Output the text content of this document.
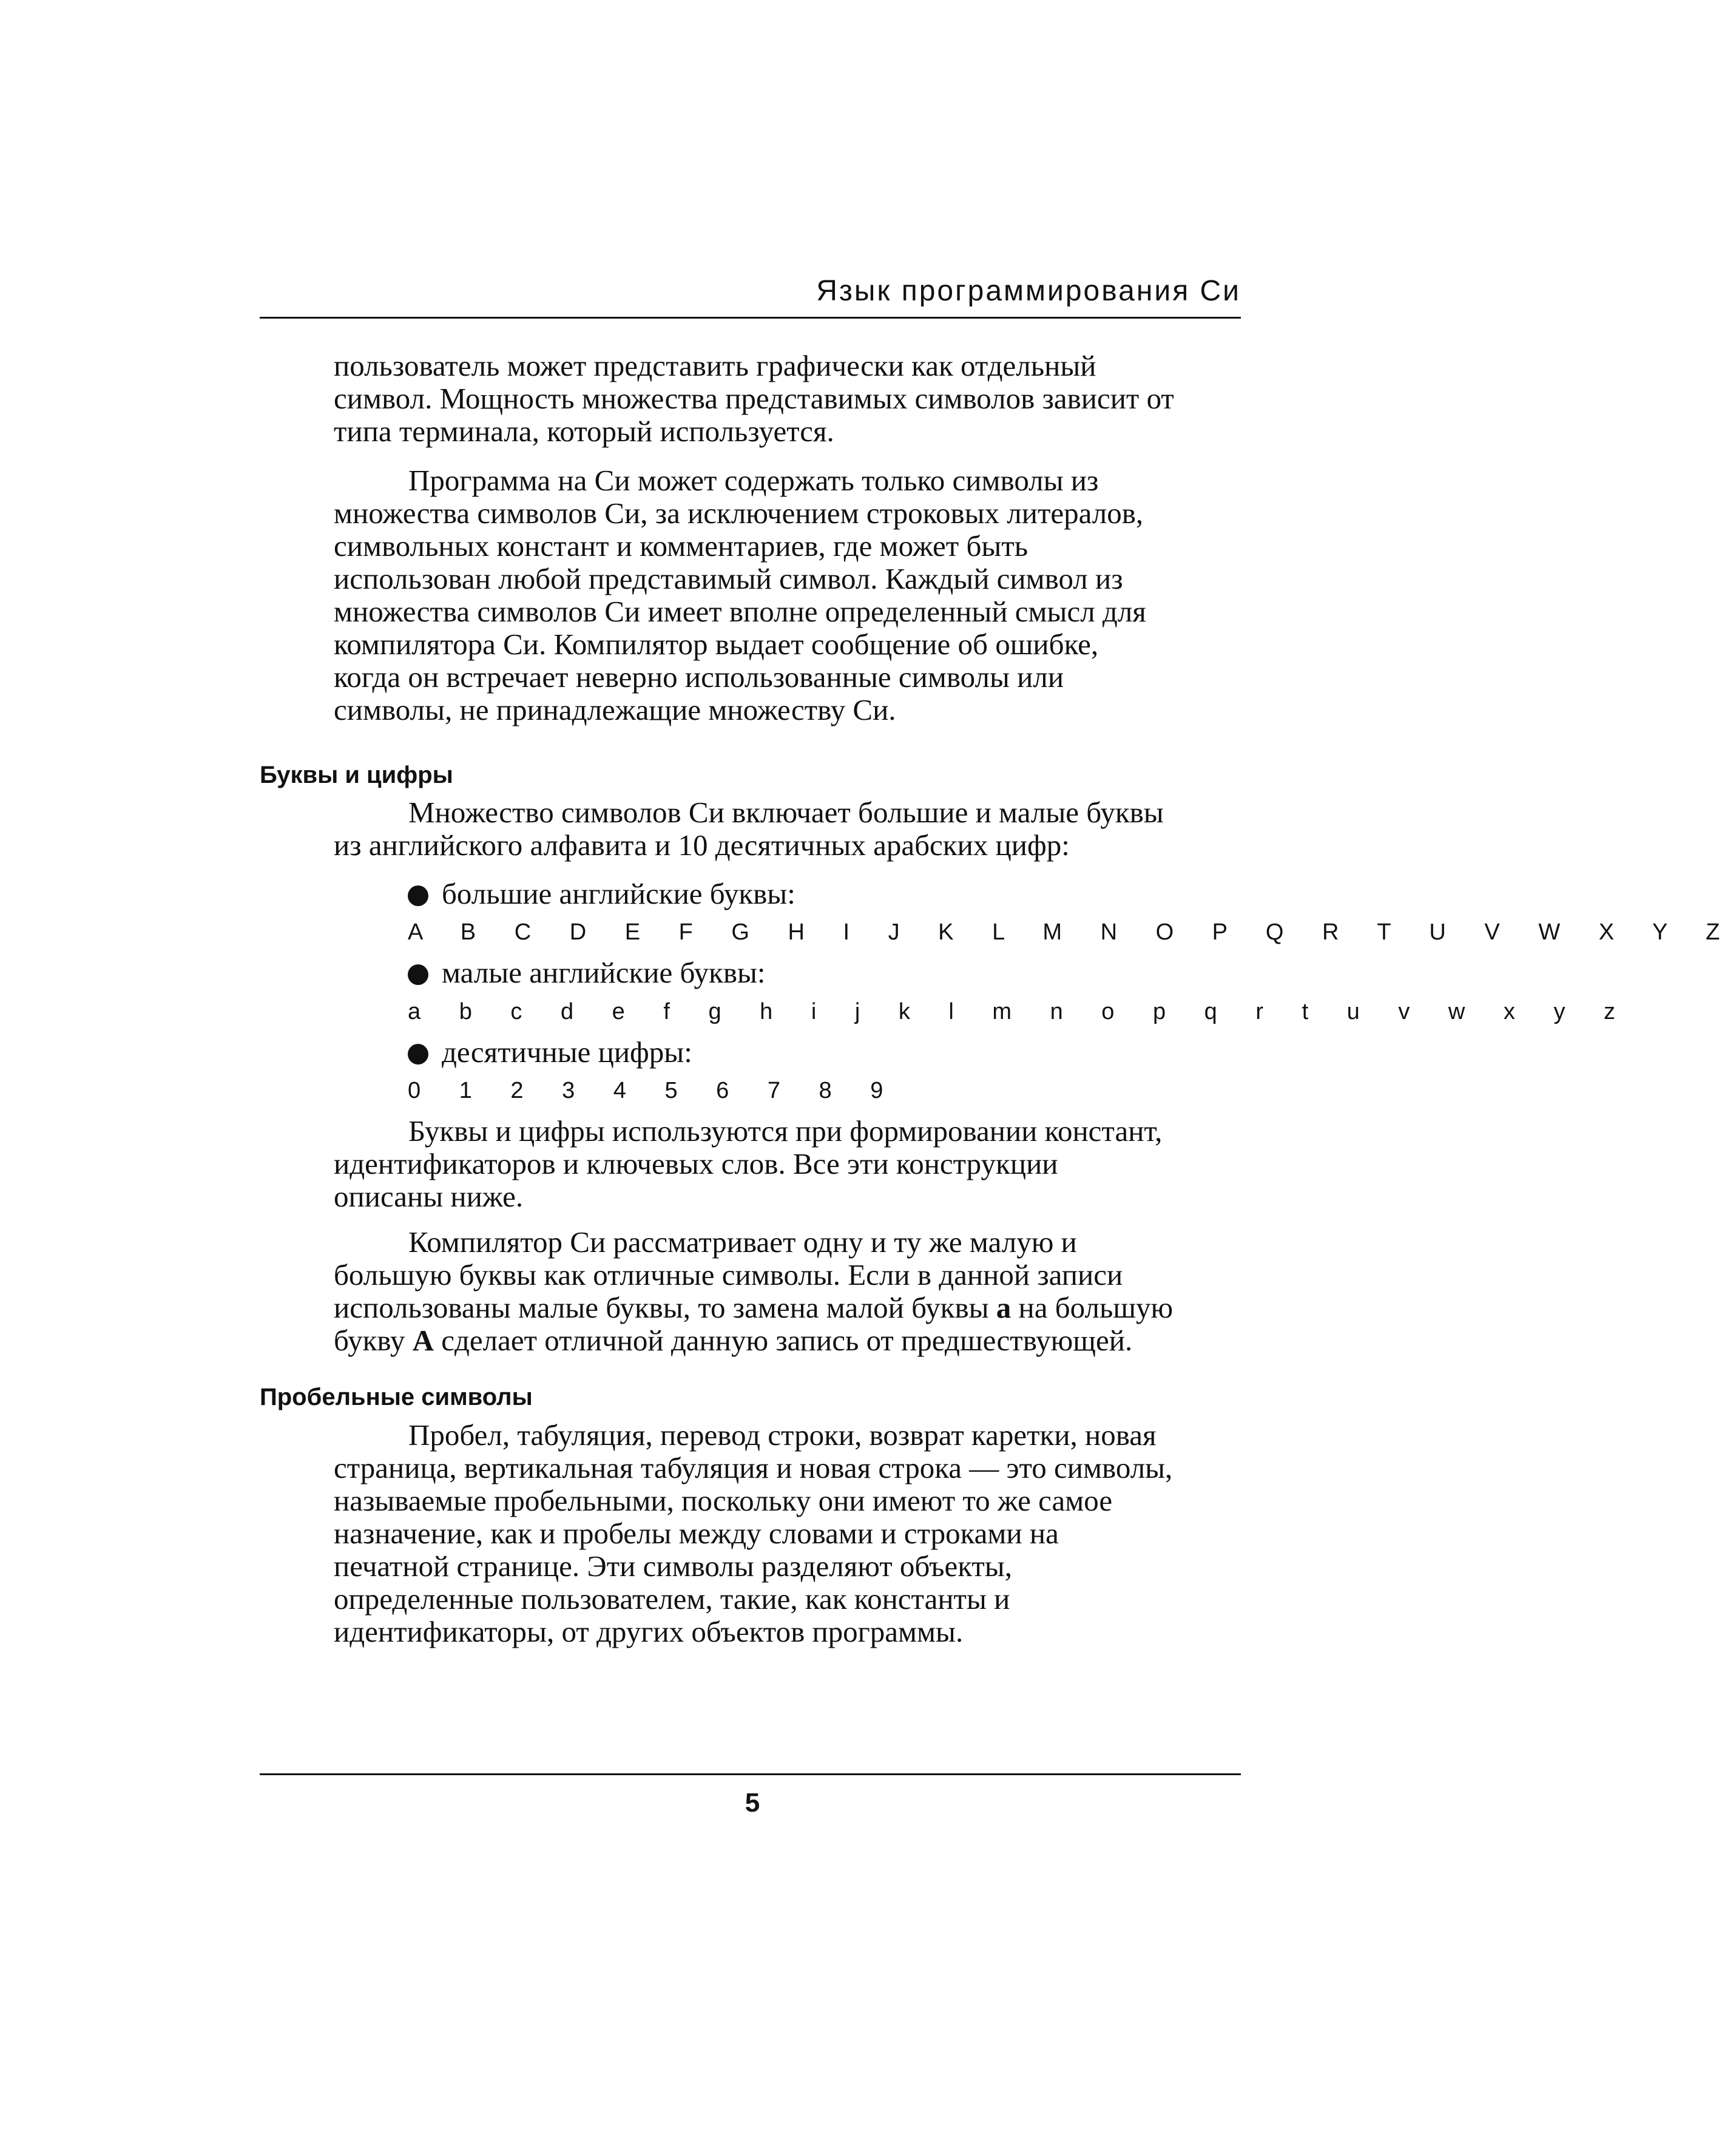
Язык программирования Си
пользователь может представить графически как отдельный
символ. Мощность множества представимых символов зависит от
типа терминала, который используется.
Программа на Си может содержать только символы из
множества символов Си, за исключением строковых литералов,
символьных констант и комментариев, где может быть
использован любой представимый символ. Каждый символ из
множества символов Си имеет вполне определенный смысл для
компилятора Си. Компилятор выдает сообщение об ошибке,
когда он встречает неверно использованные символы или
символы, не принадлежащие множеству Си.
Буквы и цифры
Множество символов Си включает большие и малые буквы
из английского алфавита и 10 десятичных арабских цифр:
большие английские буквы:
A B C D E F G H I J K L M N O P Q R T U V W X Y Z
малые английские буквы:
a b c d e f g h i j k l m n o p q r t u v w x y z
десятичные цифры:
0 1 2 3 4 5 6 7 8 9
Буквы и цифры используются при формировании констант,
идентификаторов и ключевых слов. Все эти конструкции
описаны ниже.
Компилятор Си рассматривает одну и ту же малую и
большую буквы как отличные символы. Если в данной записи
использованы малые буквы, то замена малой буквы a на большую
букву A сделает отличной данную запись от предшествующей.
Пробельные символы
Пробел, табуляция, перевод строки, возврат каретки, новая
страница, вертикальная табуляция и новая строка — это символы,
называемые пробельными, поскольку они имеют то же самое
назначение, как и пробелы между словами и строками на
печатной странице. Эти символы разделяют объекты,
определенные пользователем, такие, как константы и
идентификаторы, от других объектов программы.
5
